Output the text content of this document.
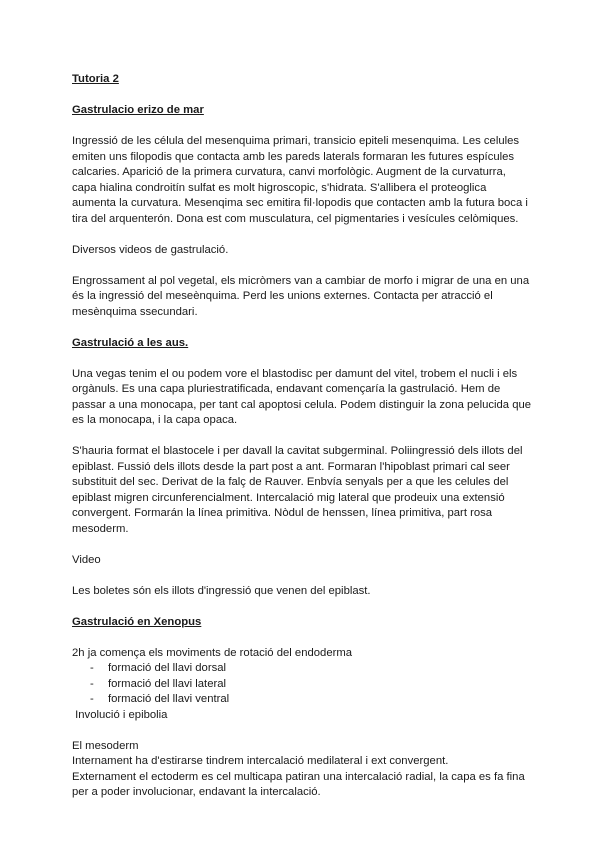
Tutoria 2

Gastrulacio erizo de mar

Ingressió de les célula del mesenquima primari, transicio epiteli mesenquima. Les celules emiten uns filopodis que contacta amb les pareds laterals formaran les futures espícules calcaries. Aparició de la primera curvatura, canvi morfològic. Augment de la curvaturra, capa hialina condroitín sulfat es molt higroscopic, s'hidrata. S'allibera el proteoglica aumenta la curvatura. Mesenqima sec emitira fil·lopodis que contacten amb la futura boca i tira del arquenterón. Dona est com musculatura, cel pigmentaries i vesícules celòmiques.

Diversos videos de gastrulació.

Engrossament al pol vegetal, els micròmers van a cambiar de morfo i migrar de una en una és la ingressió del meseènquima. Perd les unions externes. Contacta per atracció el mesènquima ssecundari.

Gastrulació a les aus.

Una vegas tenim el ou podem vore el blastodisc per damunt del vitel, trobem el nucli i els orgànuls. Es una capa pluriestratificada, endavant començaría la gastrulació. Hem de passar a una monocapa, per tant cal apoptosi celula. Podem distinguir la zona pelucida que es la monocapa, i la capa opaca.

S'hauria format el blastocele i per davall la cavitat subgerminal. Poliingressió dels illots del epiblast. Fussió dels illots desde la part post a ant. Formaran l'hipoblast primari cal seer substituit del sec. Derivat de la falç de Rauver. Enbvía senyals per a que les celules del epiblast migren circunferencialment. Intercalació mig lateral que prodeuix una extensió convergent. Formarán la línea primitiva. Nòdul de henssen, línea primitiva, part rosa mesoderm.

Video

Les boletes són els illots d'ingressió que venen del epiblast.

Gastrulació en Xenopus

2h ja comença els moviments de rotació del endoderma

- formació del llavi dorsal
- formació del llavi lateral
- formació del llavi ventral

Involució i epibolia

El mesoderm

Internament ha d'estirarse tindrem intercalació medilateral i ext convergent.

Externament el ectoderm es cel multicapa patiran una intercalació radial, la capa es fa fina per a poder involucionar, endavant la intercalació.
